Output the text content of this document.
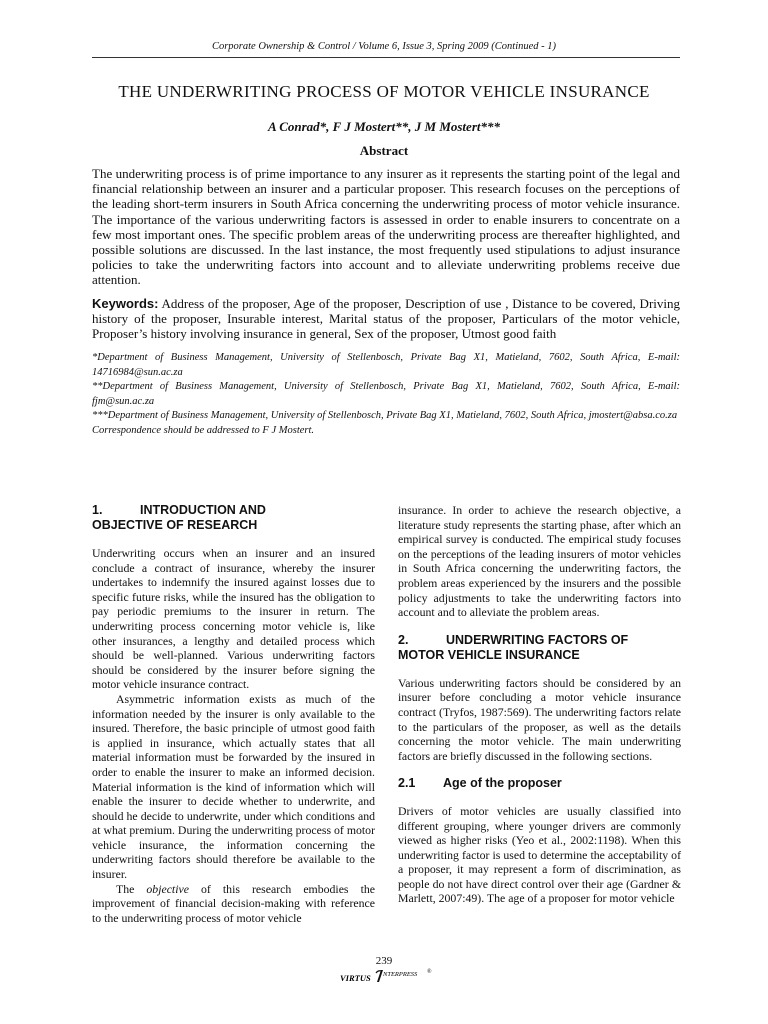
Corporate Ownership & Control / Volume 6, Issue 3, Spring 2009 (Continued - 1)
THE UNDERWRITING PROCESS OF MOTOR VEHICLE INSURANCE
A Conrad*, F J Mostert**, J M Mostert***
Abstract

The underwriting process is of prime importance to any insurer as it represents the starting point of the legal and financial relationship between an insurer and a particular proposer. This research focuses on the perceptions of the leading short-term insurers in South Africa concerning the underwriting process of motor vehicle insurance. The importance of the various underwriting factors is assessed in order to enable insurers to concentrate on a few most important ones. The specific problem areas of the underwriting process are thereafter highlighted, and possible solutions are discussed. In the last instance, the most frequently used stipulations to adjust insurance policies to take the underwriting factors into account and to alleviate underwriting problems receive due attention.

Keywords: Address of the proposer, Age of the proposer, Description of use , Distance to be covered, Driving history of the proposer, Insurable interest, Marital status of the proposer, Particulars of the motor vehicle, Proposer’s history involving insurance in general, Sex of the proposer, Utmost good faith

*Department of Business Management, University of Stellenbosch, Private Bag X1, Matieland, 7602, South Africa, E-mail: 14716984@sun.ac.za

**Department of Business Management, University of Stellenbosch, Private Bag X1, Matieland, 7602, South Africa, E-mail: fjm@sun.ac.za

***Department of Business Management, University of Stellenbosch, Private Bag X1, Matieland, 7602, South Africa, jmostert@absa.co.za

Correspondence should be addressed to F J Mostert.

1.	INTRODUCTION AND
OBJECTIVE OF RESEARCH

Underwriting occurs when an insurer and an insured conclude a contract of insurance, whereby the insurer undertakes to indemnify the insured against losses due to specific future risks, while the insured has the obligation to pay periodic premiums to the insurer in return. The underwriting process concerning motor vehicle is, like other insurances, a lengthy and detailed process which should be well-planned. Various underwriting factors should be considered by the insurer before signing the motor vehicle insurance contract.

Asymmetric information exists as much of the information needed by the insurer is only available to the insured. Therefore, the basic principle of utmost good faith is applied in insurance, which actually states that all material information must be forwarded by the insured in order to enable the insurer to make an informed decision. Material information is the kind of information which will enable the insurer to decide whether to underwrite, and should he decide to underwrite, under which conditions and at what premium. During the underwriting process of motor vehicle insurance, the information concerning the underwriting factors should therefore be available to the insurer.

The objective of this research embodies the improvement of financial decision-making with reference to the underwriting process of motor vehicle

insurance. In order to achieve the research objective, a literature study represents the starting phase, after which an empirical survey is conducted. The empirical study focuses on the perceptions of the leading insurers of motor vehicles in South Africa concerning the underwriting factors, the problem areas experienced by the insurers and the possible policy adjustments to take the underwriting factors into account and to alleviate the problem areas.

2.	UNDERWRITING FACTORS OF
MOTOR VEHICLE INSURANCE

Various underwriting factors should be considered by an insurer before concluding a motor vehicle insurance contract (Tryfos, 1987:569). The underwriting factors relate to the particulars of the proposer, as well as the details concerning the motor vehicle. The main underwriting factors are briefly discussed in the following sections.

2.1 Age of the proposer

Drivers of motor vehicles are usually classified into different grouping, where younger drivers are commonly viewed as higher risks (Yeo et al., 2002:1198). When this underwriting factor is used to determine the acceptability of a proposer, it may represent a form of discrimination, as people do not have direct control over their age (Gardner & Marlett, 2007:49). The age of a proposer for motor vehicle

239
VIRTUS NTERPRESS ®
